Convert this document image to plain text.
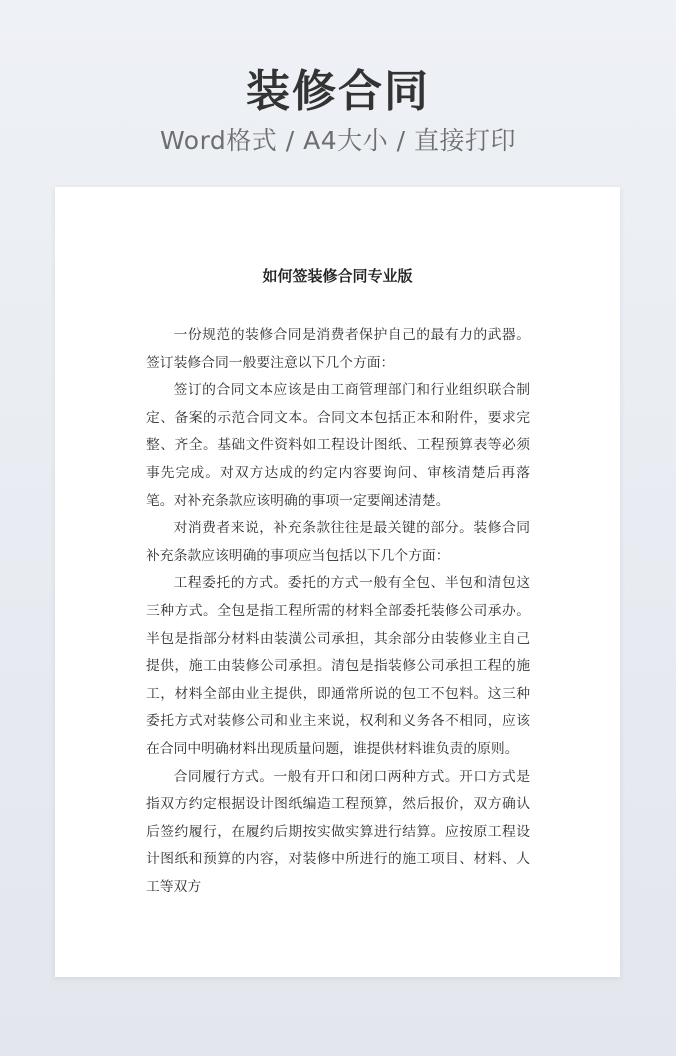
装修合同
Word格式 / A4大小 / 直接打印
如何签装修合同专业版

一份规范的装修合同是消费者保护自己的最有力的武器。签订装修合同一般要注意以下几个方面：

签订的合同文本应该是由工商管理部门和行业组织联合制定、备案的示范合同文本。合同文本包括正本和附件，要求完整、齐全。基础文件资料如工程设计图纸、工程预算表等必须事先完成。对双方达成的约定内容要询问、审核清楚后再落笔。对补充条款应该明确的事项一定要阐述清楚。

对消费者来说，补充条款往往是最关键的部分。装修合同补充条款应该明确的事项应当包括以下几个方面：

工程委托的方式。委托的方式一般有全包、半包和清包这三种方式。全包是指工程所需的材料全部委托装修公司承办。半包是指部分材料由装潢公司承担，其余部分由装修业主自己提供，施工由装修公司承担。清包是指装修公司承担工程的施工，材料全部由业主提供，即通常所说的包工不包料。这三种委托方式对装修公司和业主来说，权利和义务各不相同，应该在合同中明确材料出现质量问题，谁提供材料谁负责的原则。

合同履行方式。一般有开口和闭口两种方式。开口方式是指双方约定根据设计图纸编造工程预算，然后报价，双方确认后签约履行，在履约后期按实做实算进行结算。应按原工程设计图纸和预算的内容，对装修中所进行的施工项目、材料、人工等双方
